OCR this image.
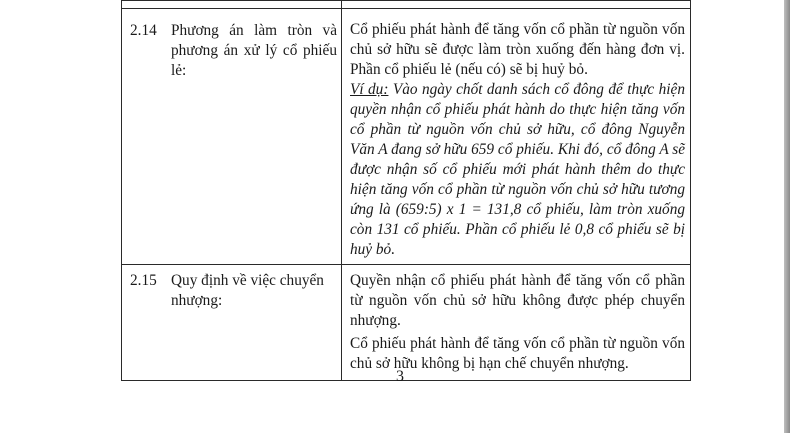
2.14	Phương án làm tròn và phương án xử lý cổ phiếu lẻ:	Cổ phiếu phát hành để tăng vốn cổ phần từ nguồn vốn chủ sở hữu sẽ được làm tròn xuống đến hàng đơn vị. Phần cổ phiếu lẻ (nếu có) sẽ bị huỷ bỏ.
Ví dụ: Vào ngày chốt danh sách cổ đông để thực hiện quyền nhận cổ phiếu phát hành do thực hiện tăng vốn cổ phần từ nguồn vốn chủ sở hữu, cổ đông Nguyễn Văn A đang sở hữu 659 cổ phiếu. Khi đó, cổ đông A sẽ được nhận số cổ phiếu mới phát hành thêm do thực hiện tăng vốn cổ phần từ nguồn vốn chủ sở hữu tương ứng là (659:5) x 1 = 131,8 cổ phiếu, làm tròn xuống còn 131 cổ phiếu. Phần cổ phiếu lẻ 0,8 cổ phiếu sẽ bị huỷ bỏ.

2.15	Quy định về việc chuyển nhượng:	Quyền nhận cổ phiếu phát hành để tăng vốn cổ phần từ nguồn vốn chủ sở hữu không được phép chuyển nhượng.
Cổ phiếu phát hành để tăng vốn cổ phần từ nguồn vốn chủ sở hữu không bị hạn chế chuyển nhượng.
3
